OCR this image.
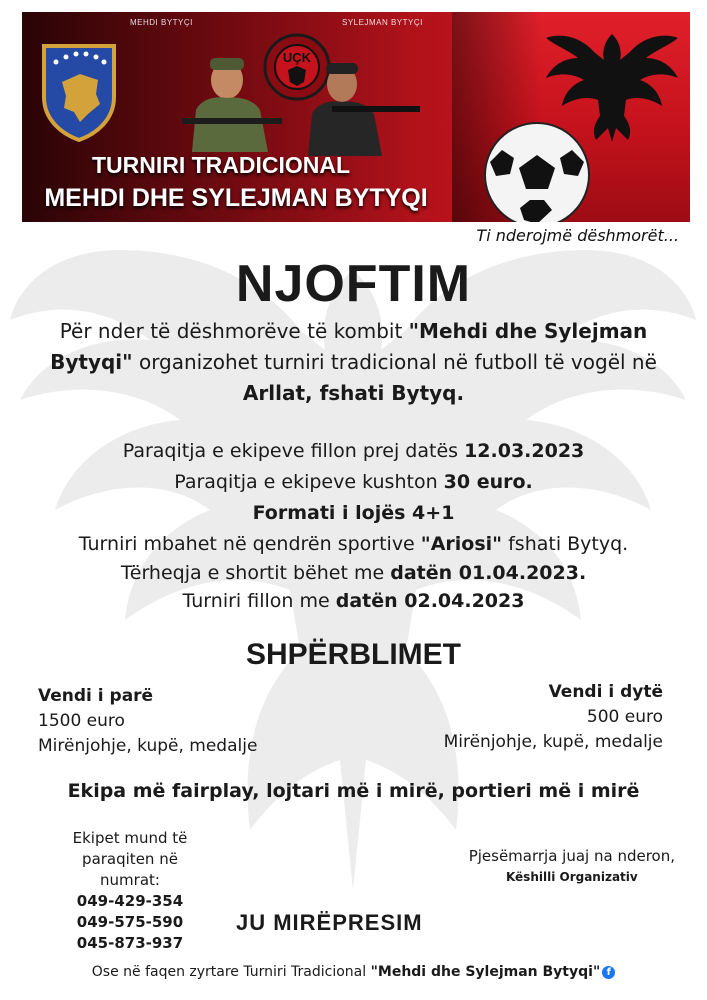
MEHDI BYTYÇI	SYLEJMAN BYTYÇI
UÇK
TURNIRI TRADICIONAL
MEHDI DHE SYLEJMAN BYTYQI
Ti nderojmë dëshmorët...
NJOFTIM
Për nder të dëshmorëve të kombit "Mehdi dhe Sylejman Bytyqi" organizohet turniri tradicional në futboll të vogël në Arllat, fshati Bytyq.
Paraqitja e ekipeve fillon prej datës 12.03.2023
Paraqitja e ekipeve kushton 30 euro.
Formati i lojës 4+1
Turniri mbahet në qendrën sportive "Ariosi" fshati Bytyq.
Tërheqja e shortit bëhet me datën 01.04.2023.
Turniri fillon me datën 02.04.2023
SHPËRBLIMET
Vendi i parë
1500 euro
Mirënjohje, kupë, medalje
Vendi i dytë
500 euro
Mirënjohje, kupë, medalje
Ekipa më fairplay, lojtari më i mirë, portieri më i mirë
Ekipet mund të
paraqiten në numrat:
049-429-354
049-575-590
045-873-937
Pjesëmarrja juaj na nderon,
Këshilli Organizativ
JU MIRËPRESIM
Ose në faqen zyrtare Turniri Tradicional "Mehdi dhe Sylejman Bytyqi" f
